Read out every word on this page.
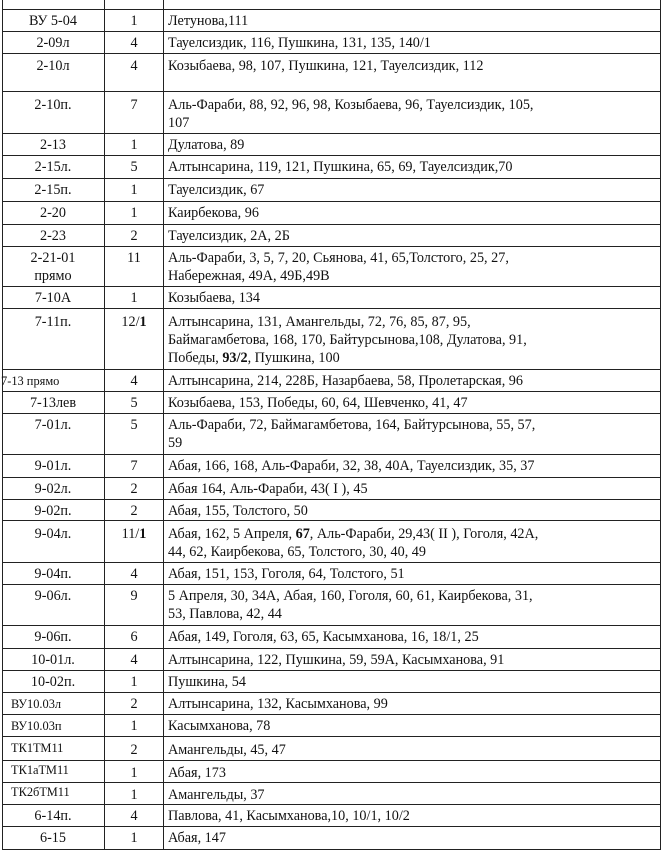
ВУ 5-04	1	Летунова,111
2-09л	4	Тауелсиздик, 116, Пушкина, 131, 135, 140/1
2-10л	4	Козыбаева, 98, 107, Пушкина, 121, Тауелсиздик, 112
2-10п.	7	Аль-Фараби, 88, 92, 96, 98, Козыбаева, 96, Тауелсиздик, 105,
107
2-13	1	Дулатова, 89
2-15л.	5	Алтынсарина, 119, 121, Пушкина, 65, 69, Тауелсиздик,70
2-15п.	1	Тауелсиздик, 67
2-20	1	Каирбекова, 96
2-23	2	Тауелсиздик, 2А, 2Б
2-21-01
прямо
11	Аль-Фараби, 3, 5, 7, 20, Сьянова, 41, 65,Толстого, 25, 27,
Набережная, 49А, 49Б,49В
7-10А	1	Козыбаева, 134
7-11п.	12/1	Алтынсарина, 131, Амангельды, 72, 76, 85, 87, 95,
Баймагамбетова, 168, 170, Байтурсынова,108, Дулатова, 91,
Победы, 93/2, Пушкина, 100
7-13 прямо	4	Алтынсарина, 214, 228Б, Назарбаева, 58, Пролетарская, 96
7-13лев	5	Козыбаева, 153, Победы, 60, 64, Шевченко, 41, 47
7-01л.	5	Аль-Фараби, 72, Баймагамбетова, 164, Байтурсынова, 55, 57,
59
9-01л.	7	Абая, 166, 168, Аль-Фараби, 32, 38, 40А, Тауелсиздик, 35, 37
9-02л.	2	Абая 164, Аль-Фараби, 43( I ), 45
9-02п.	2	Абая, 155, Толстого, 50
9-04л.	11/1	Абая, 162, 5 Апреля, 67, Аль-Фараби, 29,43( II ), Гоголя, 42А,
44, 62, Каирбекова, 65, Толстого, 30, 40, 49
9-04п.	4	Абая, 151, 153, Гоголя, 64, Толстого, 51
9-06л.	9	5 Апреля, 30, 34А, Абая, 160, Гоголя, 60, 61, Каирбекова, 31,
53, Павлова, 42, 44
9-06п.	6	Абая, 149, Гоголя, 63, 65, Касымханова, 16, 18/1, 25
10-01л.	4	Алтынсарина, 122, Пушкина, 59, 59А, Касымханова, 91
10-02п.	1	Пушкина, 54
ВУ10.03л	2	Алтынсарина, 132, Касымханова, 99
ВУ10.03п	1	Касымханова, 78
ТК1ТМ11	2	Амангельды, 45, 47
ТК1аТМ11	1	Абая, 173
ТК2бТМ11	1	Амангельды, 37
6-14п.	4	Павлова, 41, Касымханова,10, 10/1, 10/2
6-15	1	Абая, 147
